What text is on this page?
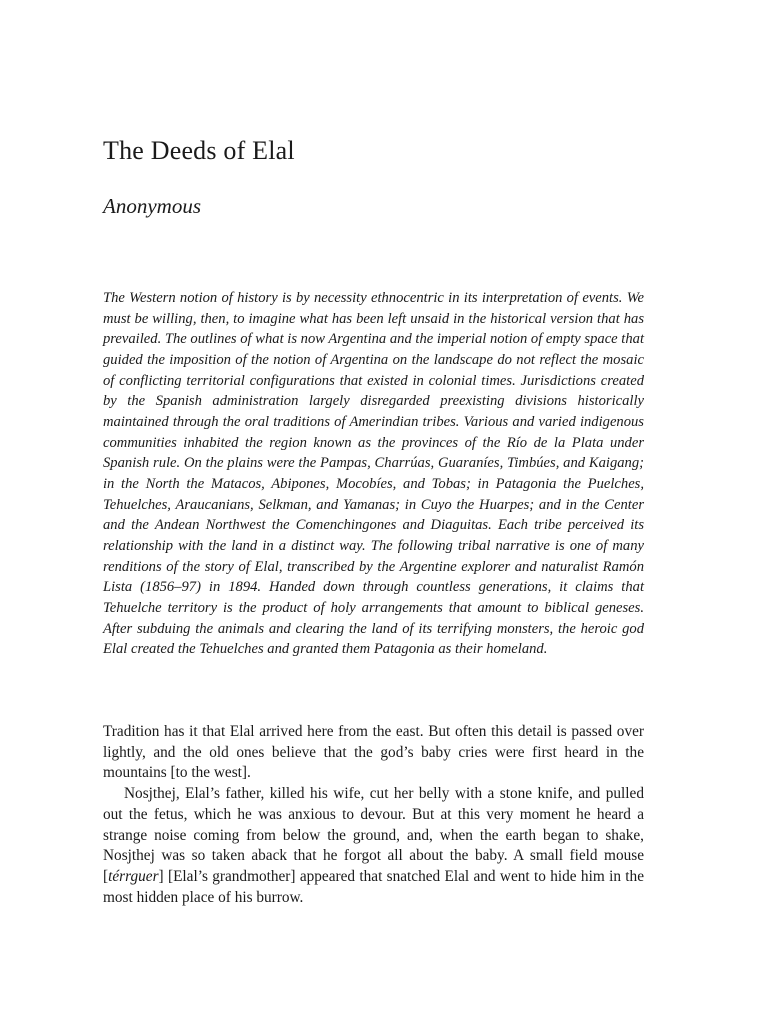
The Deeds of Elal
Anonymous

The Western notion of history is by necessity ethnocentric in its interpretation of events. We must be willing, then, to imagine what has been left unsaid in the historical version that has prevailed. The outlines of what is now Argentina and the imperial notion of empty space that guided the imposition of the notion of Argentina on the landscape do not reflect the mosaic of conflicting territorial configurations that existed in colonial times. Jurisdictions created by the Spanish administration largely disregarded preexisting divisions historically maintained through the oral traditions of Amerindian tribes. Various and varied indigenous communities inhabited the region known as the provinces of the Río de la Plata under Spanish rule. On the plains were the Pampas, Charrúas, Guaraníes, Timbúes, and Kaigang; in the North the Matacos, Abipones, Mocobíes, and Tobas; in Patagonia the Puelches, Tehuelches, Araucanians, Selkman, and Yamanas; in Cuyo the Huarpes; and in the Center and the Andean Northwest the Comenchingones and Diaguitas. Each tribe perceived its relationship with the land in a distinct way. The following tribal narrative is one of many renditions of the story of Elal, transcribed by the Argentine explorer and naturalist Ramón Lista (1856–97) in 1894. Handed down through countless generations, it claims that Tehuelche territory is the product of holy arrangements that amount to biblical geneses. After subduing the animals and clearing the land of its terrifying monsters, the heroic god Elal created the Tehuelches and granted them Patagonia as their homeland.

Tradition has it that Elal arrived here from the east. But often this detail is passed over lightly, and the old ones believe that the god’s baby cries were first heard in the mountains [to the west].

Nosjthej, Elal’s father, killed his wife, cut her belly with a stone knife, and pulled out the fetus, which he was anxious to devour. But at this very moment he heard a strange noise coming from below the ground, and, when the earth began to shake, Nosjthej was so taken aback that he forgot all about the baby. A small field mouse [térrguer] [Elal’s grandmother] appeared that snatched Elal and went to hide him in the most hidden place of his burrow.
